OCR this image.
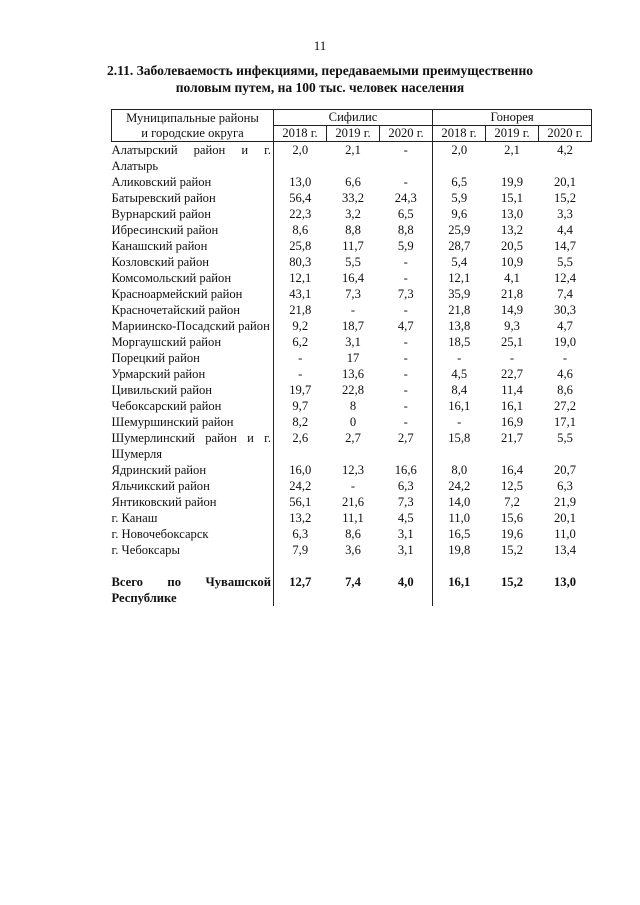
11
2.11. Заболеваемость инфекциями, передаваемыми преимущественно
половым путем, на 100 тыс. человек населения
Муниципальные районы
и городские округа	Сифилис			Гонорея		
	2018 г.	2019 г.	2020 г.	2018 г.	2019 г.	2020 г.
Алатырский район и г. Алатырь	2,0	2,1	-	2,0	2,1	4,2
Аликовский район	13,0	6,6	-	6,5	19,9	20,1
Батыревский район	56,4	33,2	24,3	5,9	15,1	15,2
Вурнарский район	22,3	3,2	6,5	9,6	13,0	3,3
Ибресинский район	8,6	8,8	8,8	25,9	13,2	4,4
Канашский район	25,8	11,7	5,9	28,7	20,5	14,7
Козловский район	80,3	5,5	-	5,4	10,9	5,5
Комсомольский район	12,1	16,4	-	12,1	4,1	12,4
Красноармейский район	43,1	7,3	7,3	35,9	21,8	7,4
Красночетайский район	21,8	-	-	21,8	14,9	30,3
Мариинско-Посадский район	9,2	18,7	4,7	13,8	9,3	4,7
Моргаушский район	6,2	3,1	-	18,5	25,1	19,0
Порецкий район	-	17	-	-	-	-
Урмарский район	-	13,6	-	4,5	22,7	4,6
Цивильский район	19,7	22,8	-	8,4	11,4	8,6
Чебоксарский район	9,7	8	-	16,1	16,1	27,2
Шемуршинский район	8,2	0	-	-	16,9	17,1
Шумерлинский район и г. Шумерля	2,6	2,7	2,7	15,8	21,7	5,5
Ядринский район	16,0	12,3	16,6	8,0	16,4	20,7
Яльчикский район	24,2	-	6,3	24,2	12,5	6,3
Янтиковский район	56,1	21,6	7,3	14,0	7,2	21,9
г. Канаш	13,2	11,1	4,5	11,0	15,6	20,1
г. Новочебоксарск	6,3	8,6	3,1	16,5	19,6	11,0
г. Чебоксары	7,9	3,6	3,1	19,8	15,2	13,4

Всего по Чувашской Республике	12,7	7,4	4,0	16,1	15,2	13,0
